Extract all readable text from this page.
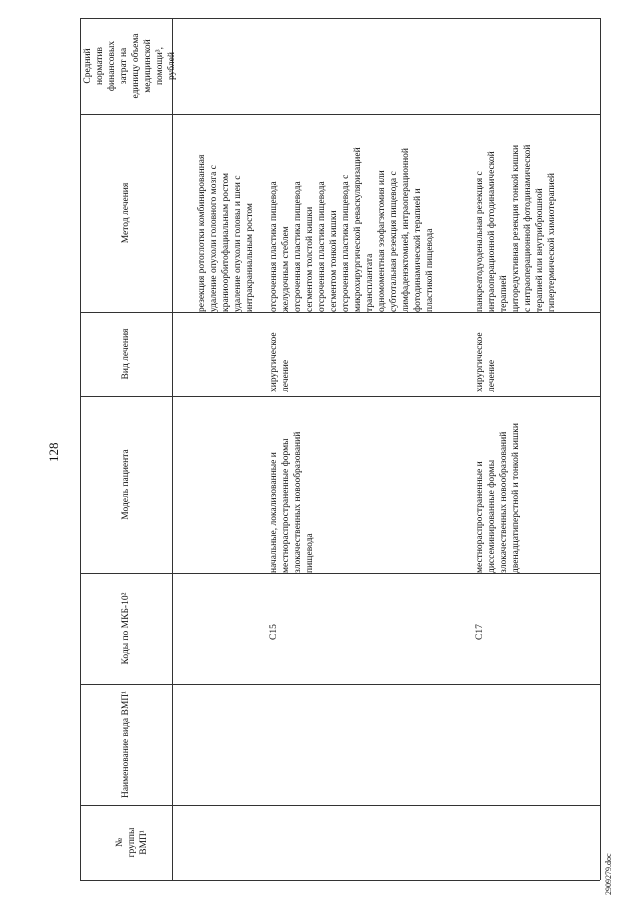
128
2909279.doc
№ группы ВМП¹
Наименование вида ВМП¹
Коды по МКБ-10²
Модель пациента
Вид лечения
Метод лечения
Средний норматив финансовых затрат на единицу объема медицинской помощи³, рублей
резекция ротоглотки комбинированная удаление опухоли головного мозга с краниоорбитофациальным ростом удаление опухоли головы и шеи с интракраниальным ростом
C15
начальные, локализованные и местнораспространенные формы злокачественных новообразований пищевода
хирургическое лечение
отсроченная пластика пищевода желудочным стеблем отсроченная пластика пищевода сегментом толстой кишки отсроченная пластика пищевода сегментом тонкой кишки отсроченная пластика пищевода с микрохирургической реваскуляризацией трансплантата одномоментная эзофагэктомия или субтотальная резекция пищевода с лимфаденэктомией, интраоперационной фотодинамической терапией и пластикой пищевода
C17
местнораспространенные и диссеминированные формы злокачественных новообразований двенадцатиперстной и тонкой кишки
хирургическое лечение
панкреатодуоденальная резекция с интраоперационной фотодинамической терапией циторедуктивная резекция тонкой кишки с интраоперационной фотодинамической терапией или внутрибрюшной гипертермической химиотерапией
